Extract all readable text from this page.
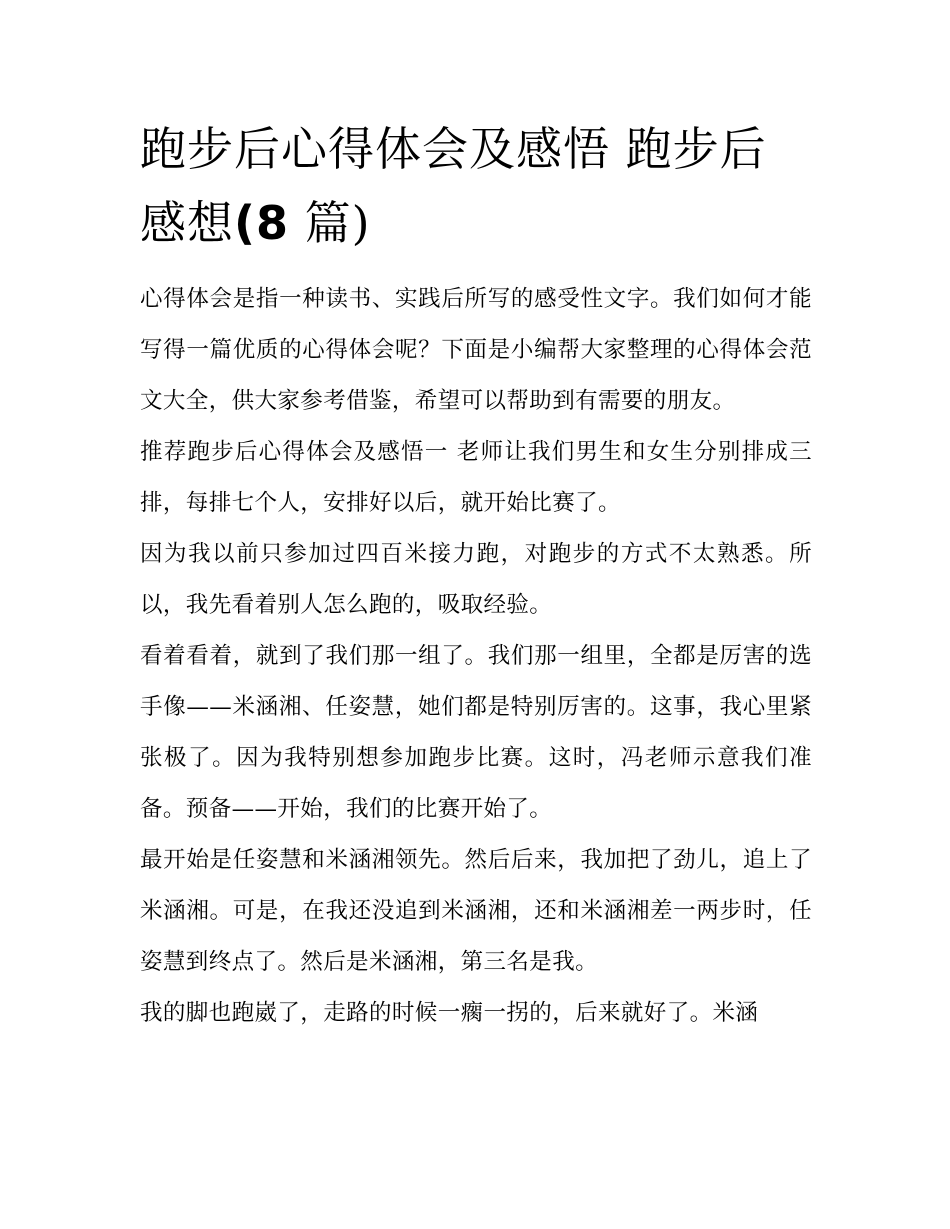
跑步后心得体会及感悟 跑步后感想(8 篇)

心得体会是指一种读书、实践后所写的感受性文字。我们如何才能写得一篇优质的心得体会呢？下面是小编帮大家整理的心得体会范文大全，供大家参考借鉴，希望可以帮助到有需要的朋友。

推荐跑步后心得体会及感悟一 老师让我们男生和女生分别排成三排，每排七个人，安排好以后，就开始比赛了。

因为我以前只参加过四百米接力跑，对跑步的方式不太熟悉。所以，我先看着别人怎么跑的，吸取经验。

看着看着，就到了我们那一组了。我们那一组里，全都是厉害的选手像——米涵湘、任姿慧，她们都是特别厉害的。这事，我心里紧张极了。因为我特别想参加跑步比赛。这时，冯老师示意我们准备。预备——开始，我们的比赛开始了。

最开始是任姿慧和米涵湘领先。然后后来，我加把了劲儿，追上了米涵湘。可是，在我还没追到米涵湘，还和米涵湘差一两步时，任姿慧到终点了。然后是米涵湘，第三名是我。

我的脚也跑崴了，走路的时候一瘸一拐的，后来就好了。米涵
